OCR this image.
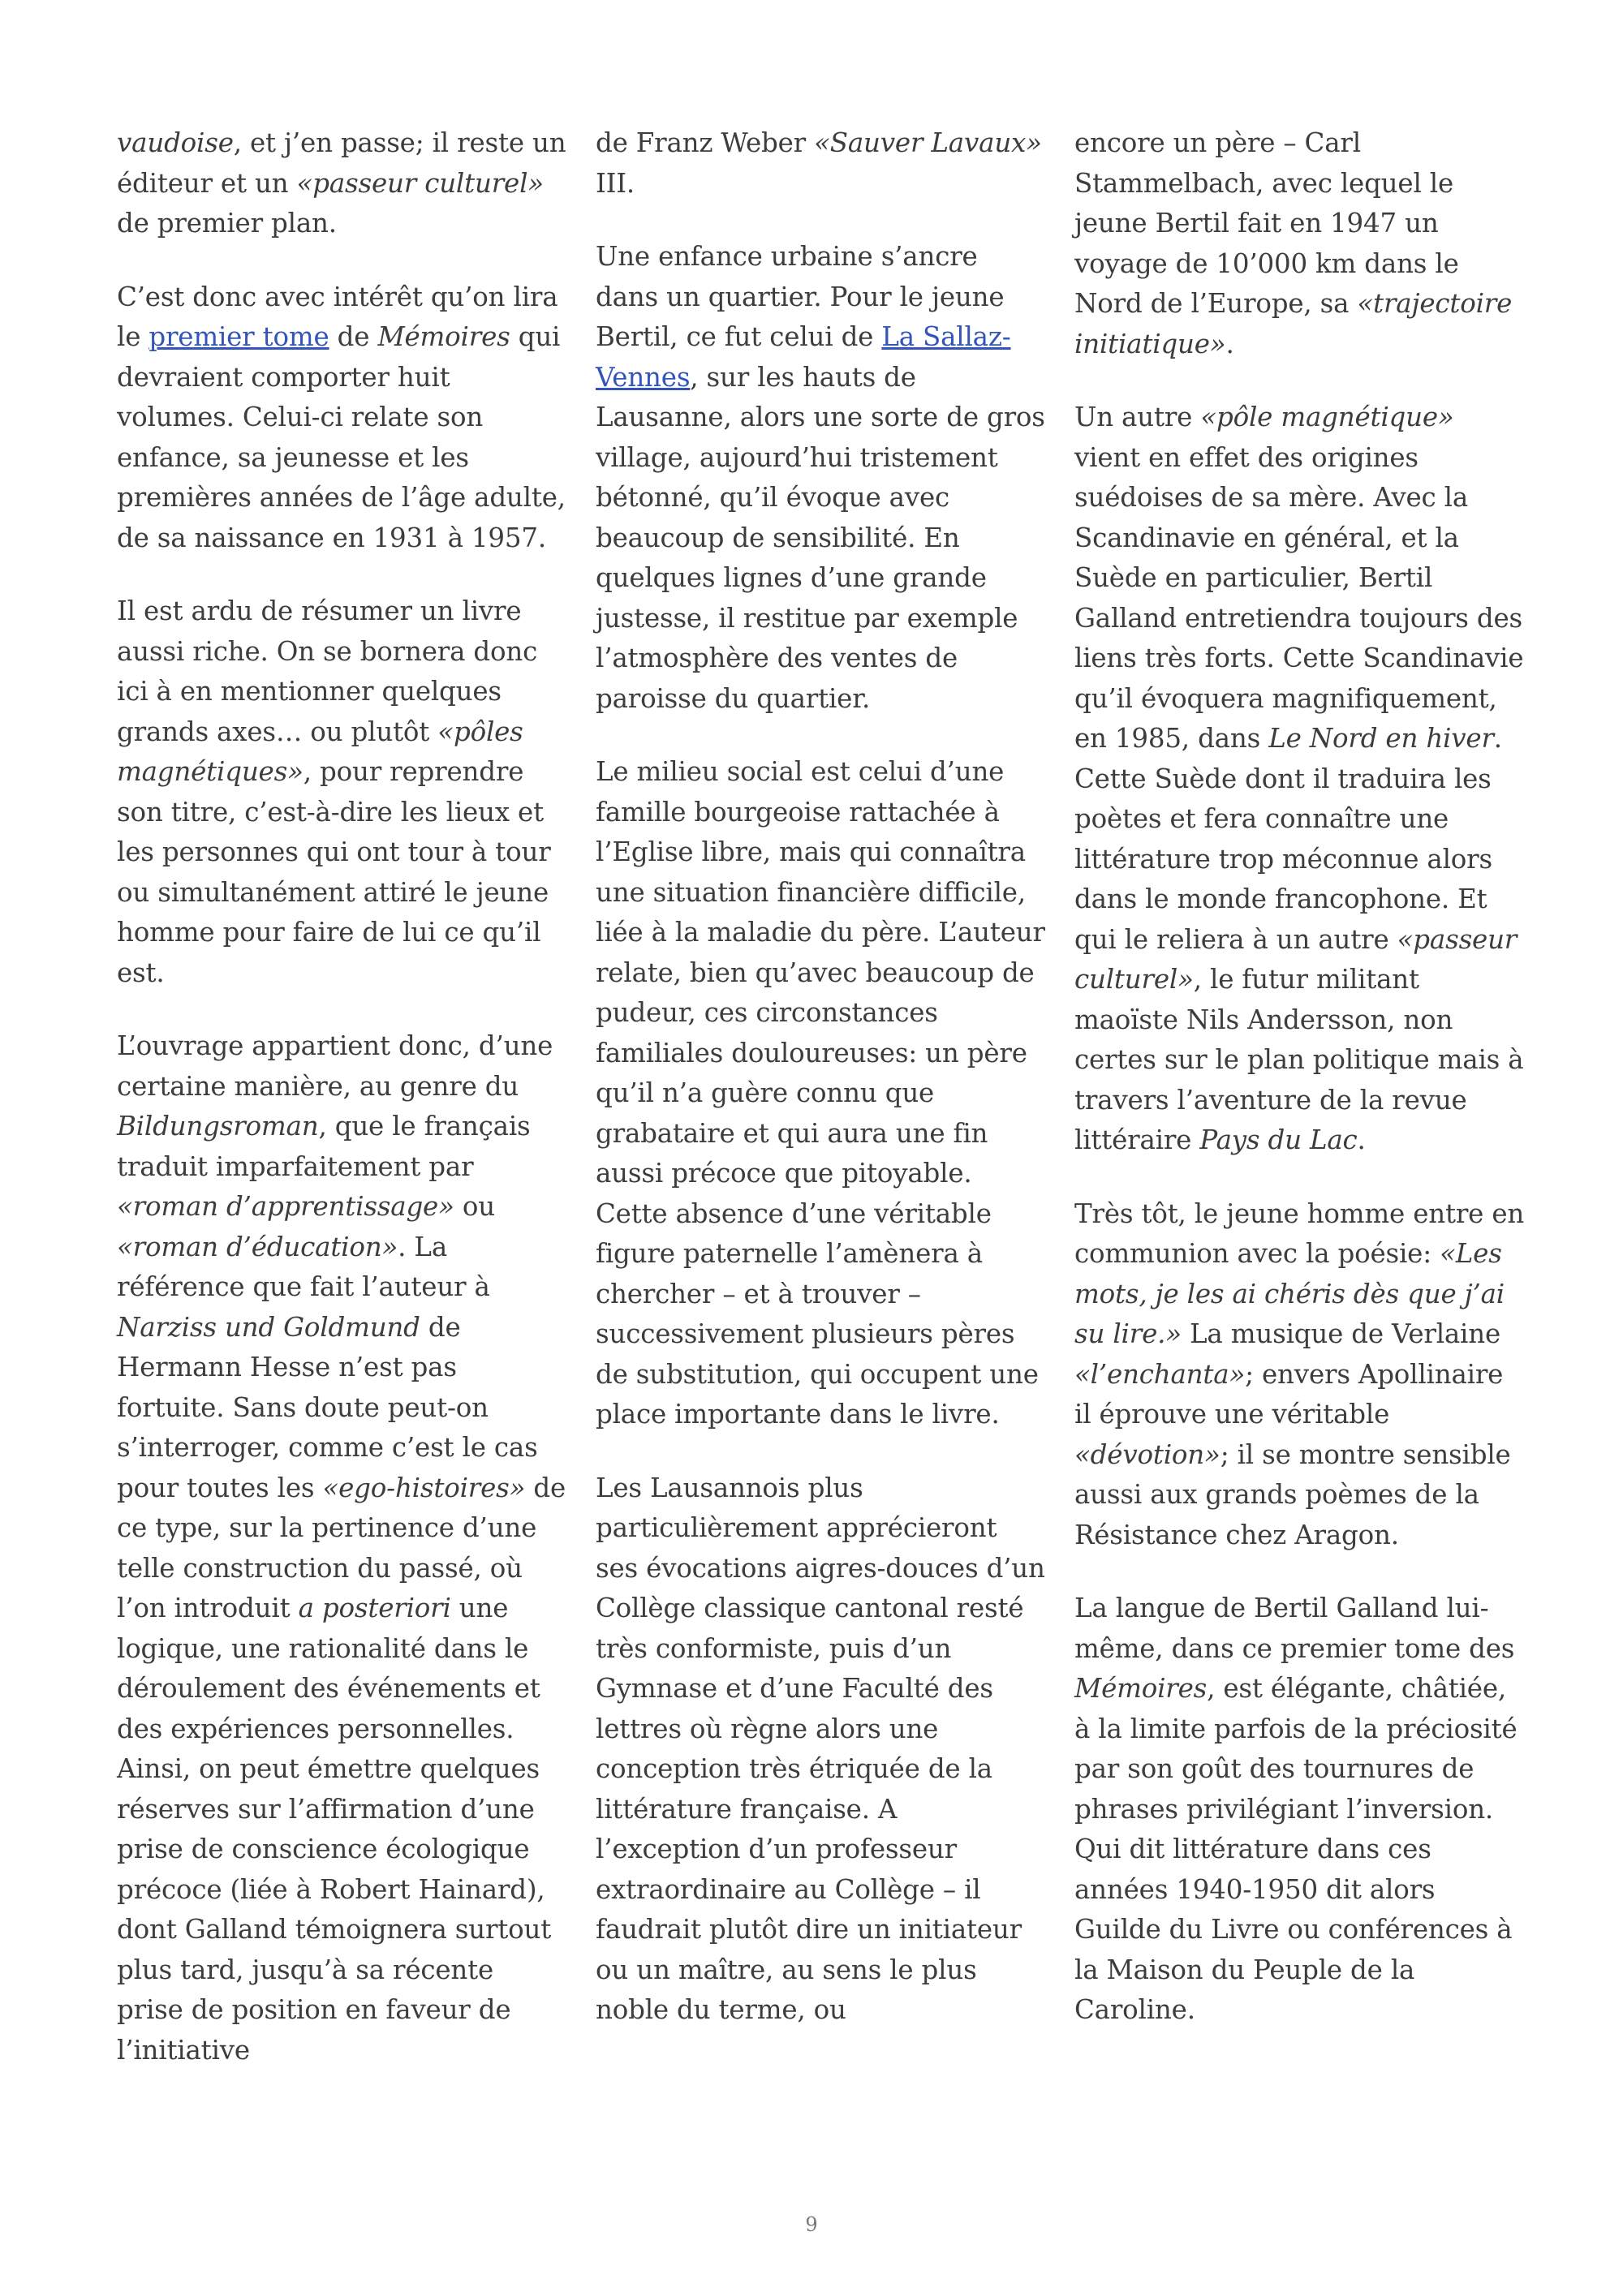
vaudoise, et j’en passe; il reste un éditeur et un «passeur culturel» de premier plan.

C’est donc avec intérêt qu’on lira le premier tome de Mémoires qui devraient comporter huit volumes. Celui-ci relate son enfance, sa jeunesse et les premières années de l’âge adulte, de sa naissance en 1931 à 1957.

Il est ardu de résumer un livre aussi riche. On se bornera donc ici à en mentionner quelques grands axes… ou plutôt «pôles magnétiques», pour reprendre son titre, c’est-à-dire les lieux et les personnes qui ont tour à tour ou simultanément attiré le jeune homme pour faire de lui ce qu’il est.

L’ouvrage appartient donc, d’une certaine manière, au genre du Bildungsroman, que le français traduit imparfaitement par «roman d’apprentissage» ou «roman d’éducation». La référence que fait l’auteur à Narziss und Goldmund de Hermann Hesse n’est pas fortuite. Sans doute peut-on s’interroger, comme c’est le cas pour toutes les «ego-histoires» de ce type, sur la pertinence d’une telle construction du passé, où l’on introduit a posteriori une logique, une rationalité dans le déroulement des événements et des expériences personnelles. Ainsi, on peut émettre quelques réserves sur l’affirmation d’une prise de conscience écologique précoce (liée à Robert Hainard), dont Galland témoignera surtout plus tard, jusqu’à sa récente prise de position en faveur de l’initiative

de Franz Weber «Sauver Lavaux» III.

Une enfance urbaine s’ancre dans un quartier. Pour le jeune Bertil, ce fut celui de La Sallaz-Vennes, sur les hauts de Lausanne, alors une sorte de gros village, aujourd’hui tristement bétonné, qu’il évoque avec beaucoup de sensibilité. En quelques lignes d’une grande justesse, il restitue par exemple l’atmosphère des ventes de paroisse du quartier.

Le milieu social est celui d’une famille bourgeoise rattachée à l’Eglise libre, mais qui connaîtra une situation financière difficile, liée à la maladie du père. L’auteur relate, bien qu’avec beaucoup de pudeur, ces circonstances familiales douloureuses: un père qu’il n’a guère connu que grabataire et qui aura une fin aussi précoce que pitoyable. Cette absence d’une véritable figure paternelle l’amènera à chercher – et à trouver – successivement plusieurs pères de substitution, qui occupent une place importante dans le livre.

Les Lausannois plus particulièrement apprécieront ses évocations aigres-douces d’un Collège classique cantonal resté très conformiste, puis d’un Gymnase et d’une Faculté des lettres où règne alors une conception très étriquée de la littérature française. A l’exception d’un professeur extraordinaire au Collège – il faudrait plutôt dire un initiateur ou un maître, au sens le plus noble du terme, ou

encore un père – Carl Stammelbach, avec lequel le jeune Bertil fait en 1947 un voyage de 10’000 km dans le Nord de l’Europe, sa «trajectoire initiatique».

Un autre «pôle magnétique» vient en effet des origines suédoises de sa mère. Avec la Scandinavie en général, et la Suède en particulier, Bertil Galland entretiendra toujours des liens très forts. Cette Scandinavie qu’il évoquera magnifiquement, en 1985, dans Le Nord en hiver. Cette Suède dont il traduira les poètes et fera connaître une littérature trop méconnue alors dans le monde francophone. Et qui le reliera à un autre «passeur culturel», le futur militant maoïste Nils Andersson, non certes sur le plan politique mais à travers l’aventure de la revue littéraire Pays du Lac.

Très tôt, le jeune homme entre en communion avec la poésie: «Les mots, je les ai chéris dès que j’ai su lire.» La musique de Verlaine «l’enchanta»; envers Apollinaire il éprouve une véritable «dévotion»; il se montre sensible aussi aux grands poèmes de la Résistance chez Aragon.

La langue de Bertil Galland lui-même, dans ce premier tome des Mémoires, est élégante, châtiée, à la limite parfois de la préciosité par son goût des tournures de phrases privilégiant l’inversion. Qui dit littérature dans ces années 1940-1950 dit alors Guilde du Livre ou conférences à la Maison du Peuple de la Caroline.

9
